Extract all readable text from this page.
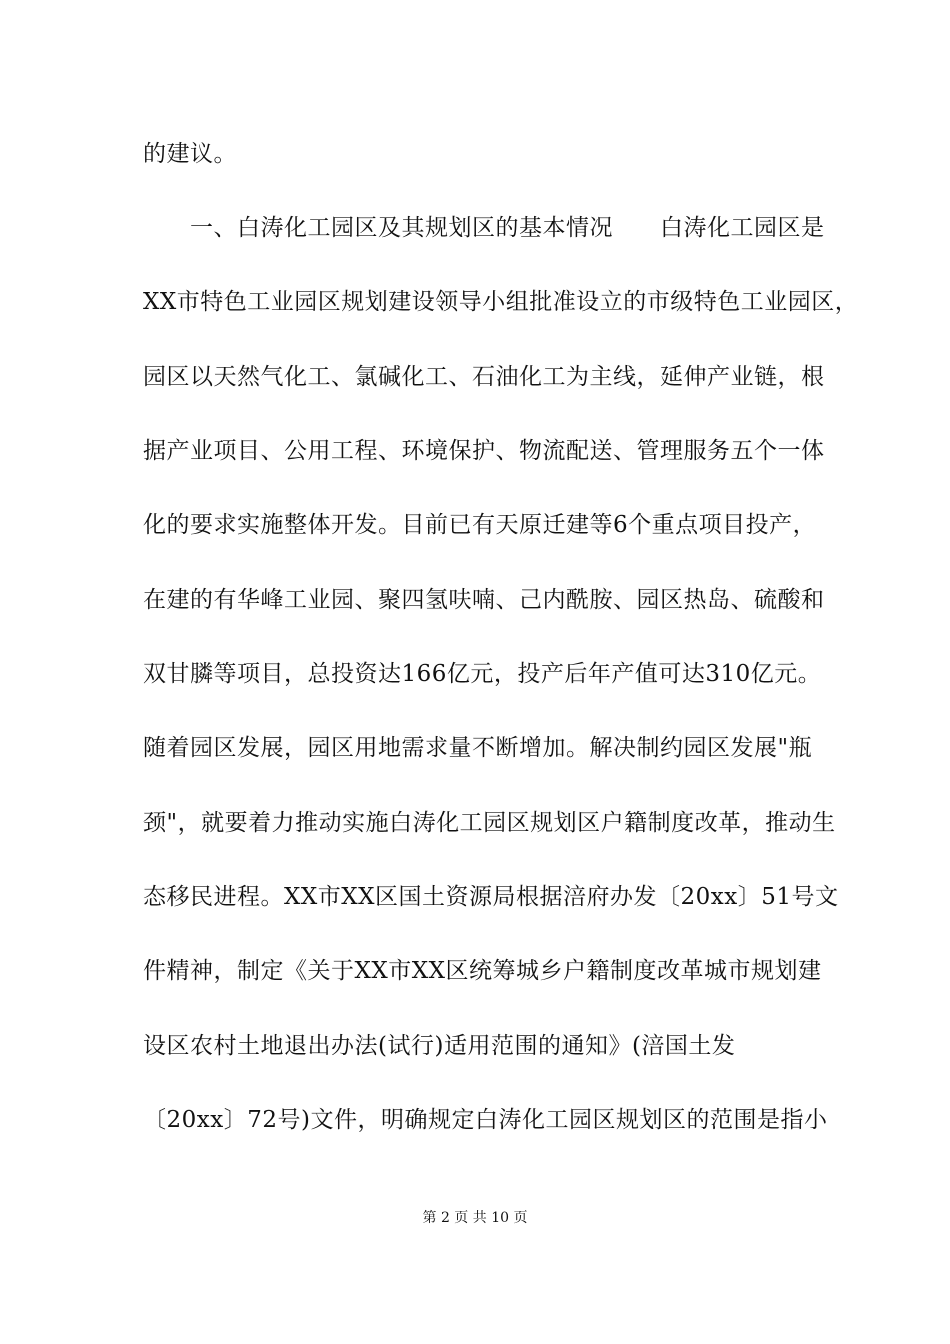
的建议。
　　一、白涛化工园区及其规划区的基本情况　　白涛化工园区是
XX市特色工业园区规划建设领导小组批准设立的市级特色工业园区，
园区以天然气化工、氯碱化工、石油化工为主线，延伸产业链，根
据产业项目、公用工程、环境保护、物流配送、管理服务五个一体
化的要求实施整体开发。目前已有天原迁建等6个重点项目投产，
在建的有华峰工业园、聚四氢呋喃、己内酰胺、园区热岛、硫酸和
双甘膦等项目，总投资达166亿元，投产后年产值可达310亿元。
随着园区发展，园区用地需求量不断增加。解决制约园区发展"瓶
颈"，就要着力推动实施白涛化工园区规划区户籍制度改革，推动生
态移民进程。XX市XX区国土资源局根据涪府办发〔20xx〕51号文
件精神，制定《关于XX市XX区统筹城乡户籍制度改革城市规划建
设区农村土地退出办法(试行)适用范围的通知》(涪国土发
〔20xx〕72号)文件，明确规定白涛化工园区规划区的范围是指小
第 2 页 共 10 页
